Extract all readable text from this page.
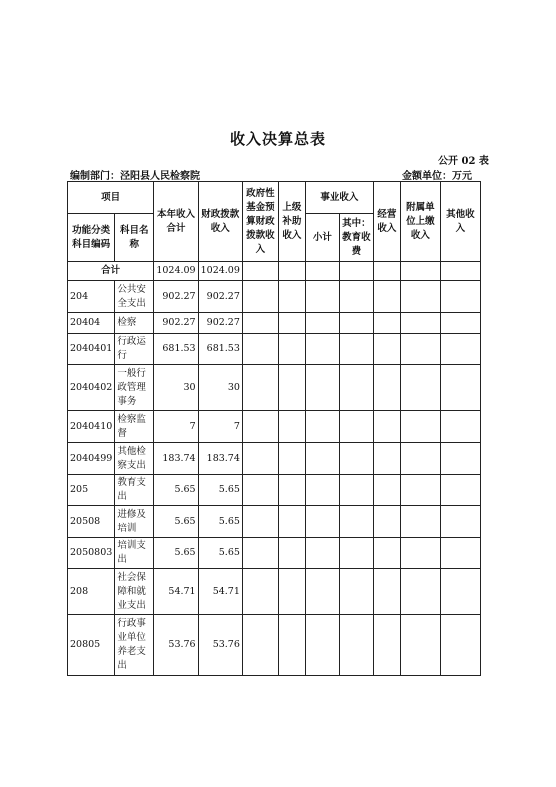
收入决算总表
公开 02 表
编制部门：泾阳县人民检察院	金额单位：万元
项目		本年收入合计	财政拨款收入	政府性基金预算财政拨款收入	上级补助收入	事业收入		经营收入	附属单位上缴收入	其他收入
功能分类科目编码	科目名称					小计	其中：教育收费			

合计		1024.09	1024.09							
204	公共安全支出	902.27	902.27							
20404	检察	902.27	902.27							
2040401	行政运行	681.53	681.53							
2040402	一般行政管理事务	30	30							
2040410	检察监督	7	7							
2040499	其他检察支出	183.74	183.74							
205	教育支出	5.65	5.65							
20508	进修及培训	5.65	5.65							
2050803	培训支出	5.65	5.65							
208	社会保障和就业支出	54.71	54.71							
20805	行政事业单位养老支出	53.76	53.76							
